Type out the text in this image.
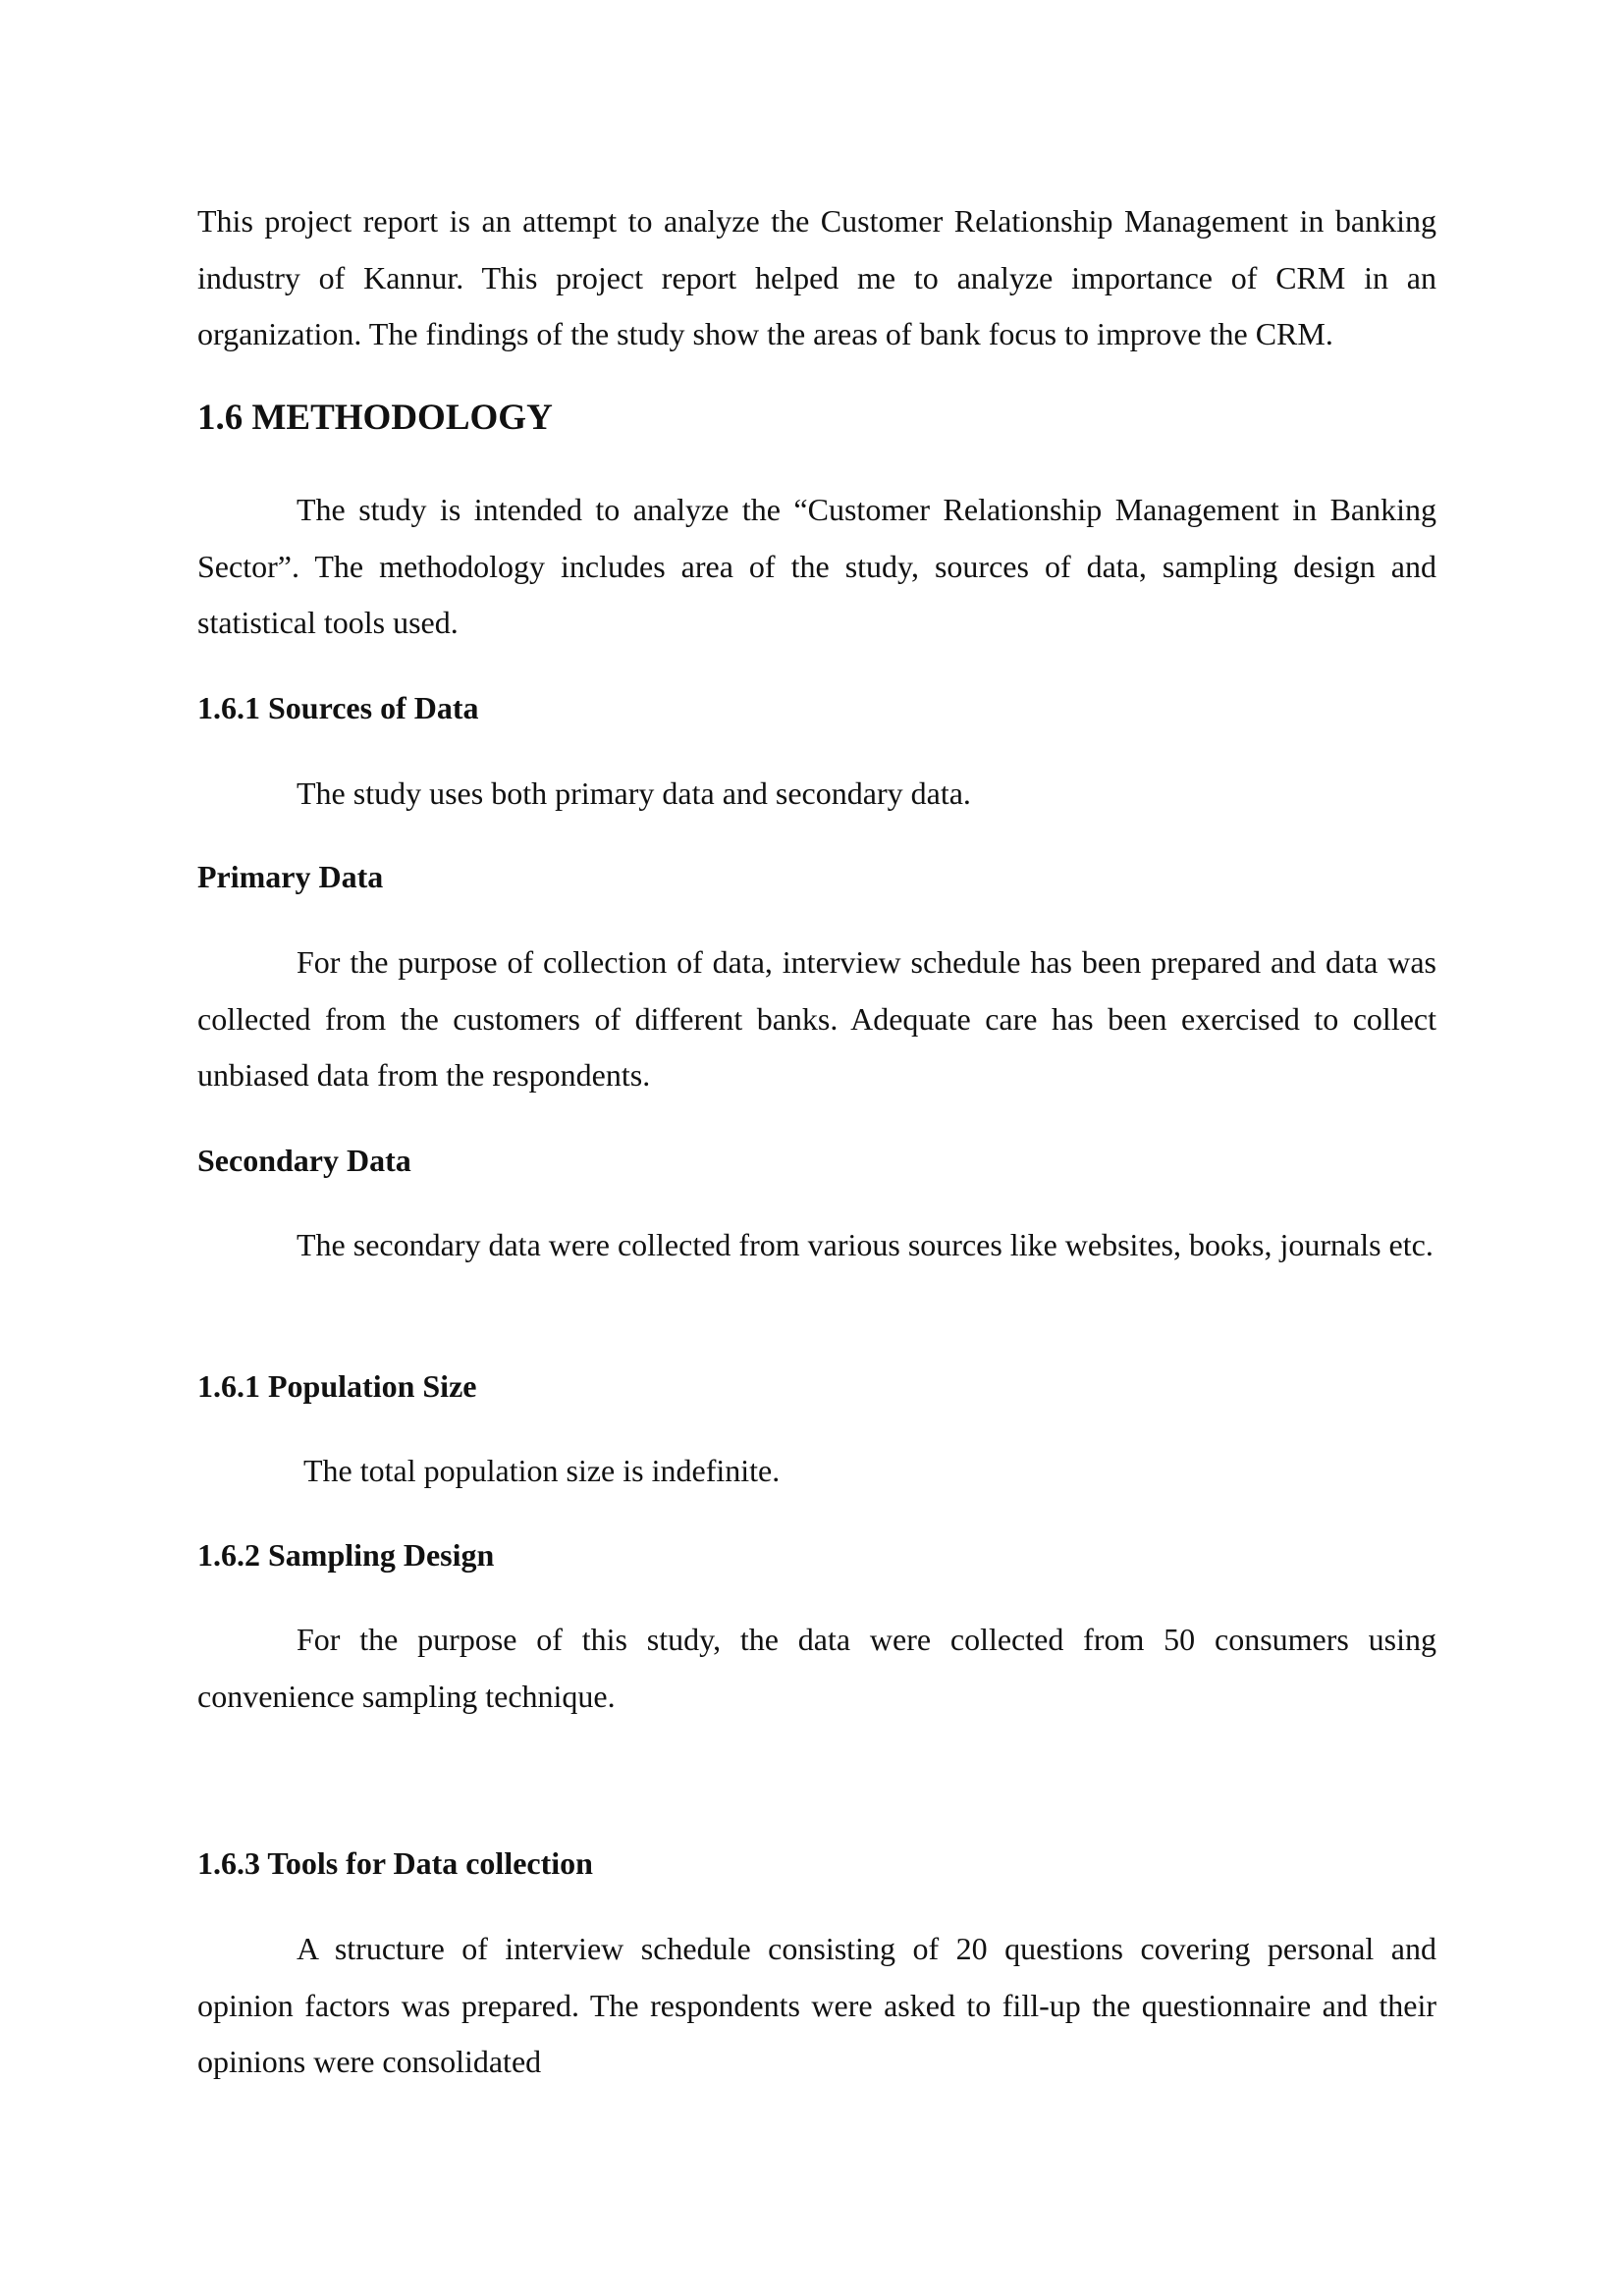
This project report is an attempt to analyze the Customer Relationship Management in banking industry of Kannur. This project report helped me to analyze importance of CRM in an organization. The findings of the study show the areas of bank focus to improve the CRM.

1.6 METHODOLOGY

The study is intended to analyze the “Customer Relationship Management in Banking Sector”. The methodology includes area of the study, sources of data, sampling design and statistical tools used.

1.6.1 Sources of Data

The study uses both primary data and secondary data.

Primary Data

For the purpose of collection of data, interview schedule has been prepared and data was collected from the customers of different banks. Adequate care has been exercised to collect unbiased data from the respondents.

Secondary Data

The secondary data were collected from various sources like websites, books, journals etc.

1.6.1 Population Size

The total population size is indefinite.

1.6.2 Sampling Design

For the purpose of this study, the data were collected from 50 consumers using convenience sampling technique.

1.6.3 Tools for Data collection

A structure of interview schedule consisting of 20 questions covering personal and opinion factors was prepared. The respondents were asked to fill-up the questionnaire and their opinions were consolidated
